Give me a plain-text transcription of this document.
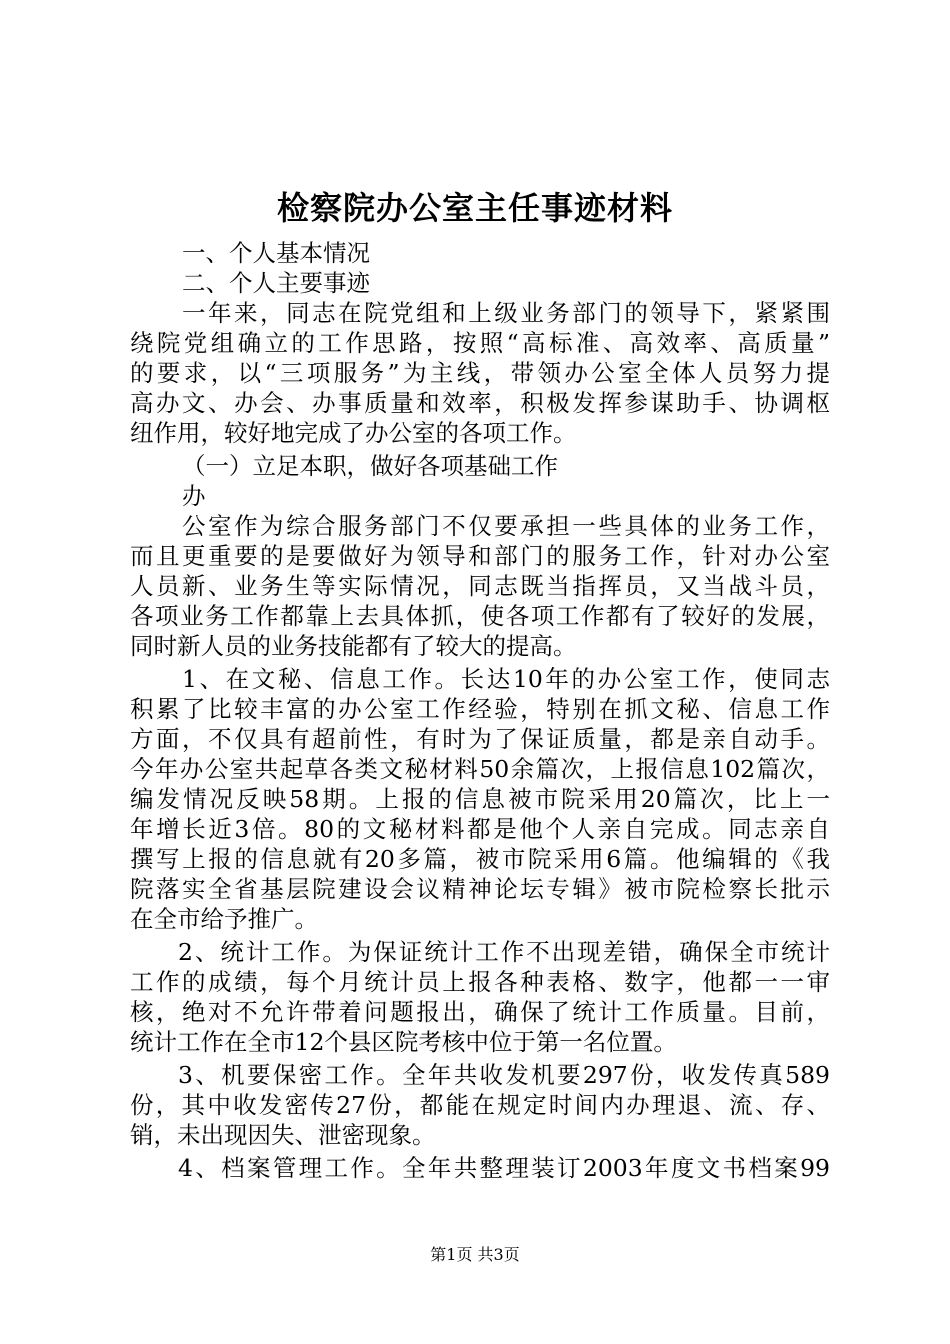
检察院办公室主任事迹材料
一、个人基本情况
二、个人主要事迹
一年来，同志在院党组和上级业务部门的领导下，紧紧围
绕院党组确立的工作思路，按照“高标准、高效率、高质量”
的要求，以“三项服务”为主线，带领办公室全体人员努力提
高办文、办会、办事质量和效率，积极发挥参谋助手、协调枢
纽作用，较好地完成了办公室的各项工作。
（一）立足本职，做好各项基础工作
办
公室作为综合服务部门不仅要承担一些具体的业务工作，
而且更重要的是要做好为领导和部门的服务工作，针对办公室
人员新、业务生等实际情况，同志既当指挥员，又当战斗员，
各项业务工作都靠上去具体抓，使各项工作都有了较好的发展，
同时新人员的业务技能都有了较大的提高。
1、在文秘、信息工作。长达10年的办公室工作，使同志
积累了比较丰富的办公室工作经验，特别在抓文秘、信息工作
方面，不仅具有超前性，有时为了保证质量，都是亲自动手。
今年办公室共起草各类文秘材料50余篇次，上报信息102篇次，
编发情况反映58期。上报的信息被市院采用20篇次，比上一
年增长近3倍。80的文秘材料都是他个人亲自完成。同志亲自
撰写上报的信息就有20多篇，被市院采用6篇。他编辑的《我
院落实全省基层院建设会议精神论坛专辑》被市院检察长批示
在全市给予推广。
2、统计工作。为保证统计工作不出现差错，确保全市统计
工作的成绩，每个月统计员上报各种表格、数字，他都一一审
核，绝对不允许带着问题报出，确保了统计工作质量。目前，
统计工作在全市12个县区院考核中位于第一名位置。
3、机要保密工作。全年共收发机要297份，收发传真589
份，其中收发密传27份，都能在规定时间内办理退、流、存、
销，未出现因失、泄密现象。
4、档案管理工作。全年共整理装订2003年度文书档案99
第1页 共3页
